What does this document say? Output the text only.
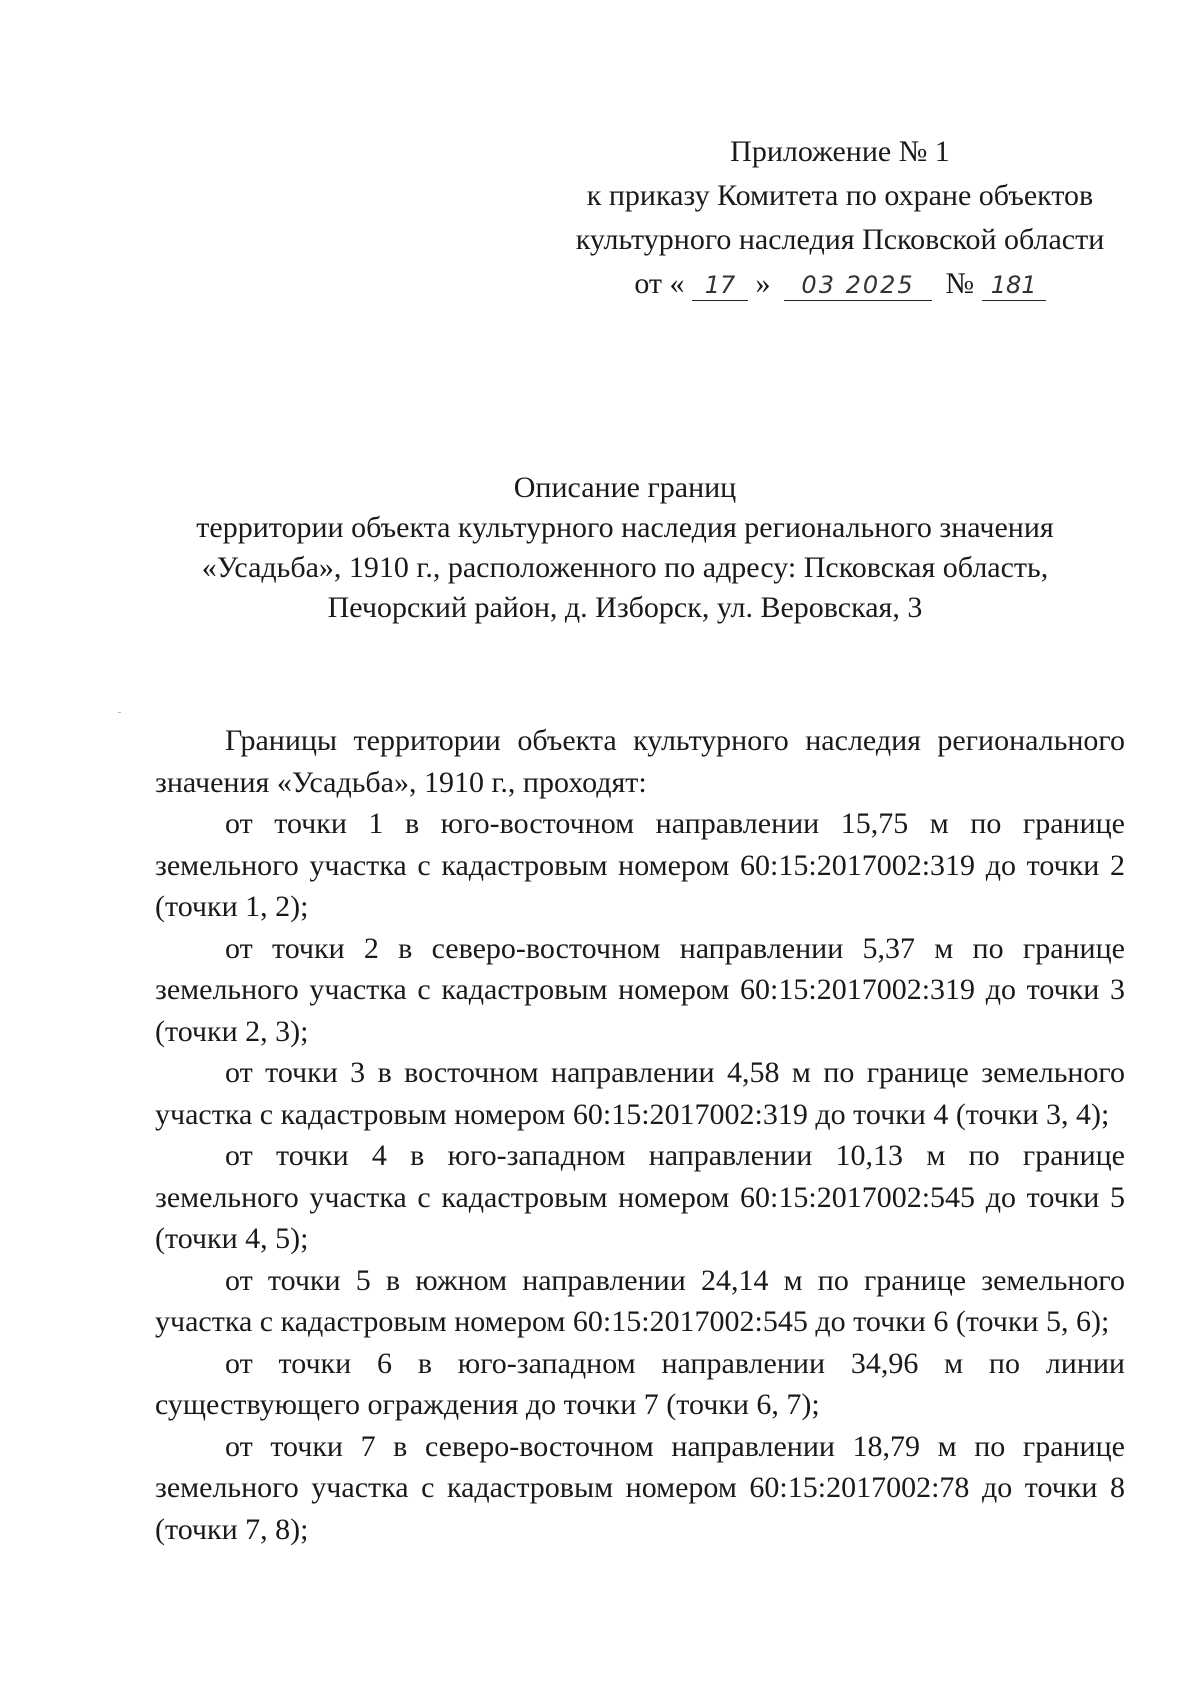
Приложение № 1
к приказу Комитета по охране объектов
культурного наследия Псковской области
от « 17 » 03 2025 № 181
Описание границ
территории объекта культурного наследия регионального значения
«Усадьба», 1910 г., расположенного по адресу: Псковская область,
Печорский район, д. Изборск, ул. Веровская, 3

Границы территории объекта культурного наследия регионального значения «Усадьба», 1910 г., проходят:

от точки 1 в юго-восточном направлении 15,75 м по границе земельного участка с кадастровым номером 60:15:2017002:319 до точки 2 (точки 1, 2);

от точки 2 в северо-восточном направлении 5,37 м по границе земельного участка с кадастровым номером 60:15:2017002:319 до точки 3 (точки 2, 3);

от точки 3 в восточном направлении 4,58 м по границе земельного участка с кадастровым номером 60:15:2017002:319 до точки 4 (точки 3, 4);

от точки 4 в юго-западном направлении 10,13 м по границе земельного участка с кадастровым номером 60:15:2017002:545 до точки 5 (точки 4, 5);

от точки 5 в южном направлении 24,14 м по границе земельного участка с кадастровым номером 60:15:2017002:545 до точки 6 (точки 5, 6);

от точки 6 в юго-западном направлении 34,96 м по линии существующего ограждения до точки 7 (точки 6, 7);

от точки 7 в северо-восточном направлении 18,79 м по границе земельного участка с кадастровым номером 60:15:2017002:78 до точки 8 (точки 7, 8);
